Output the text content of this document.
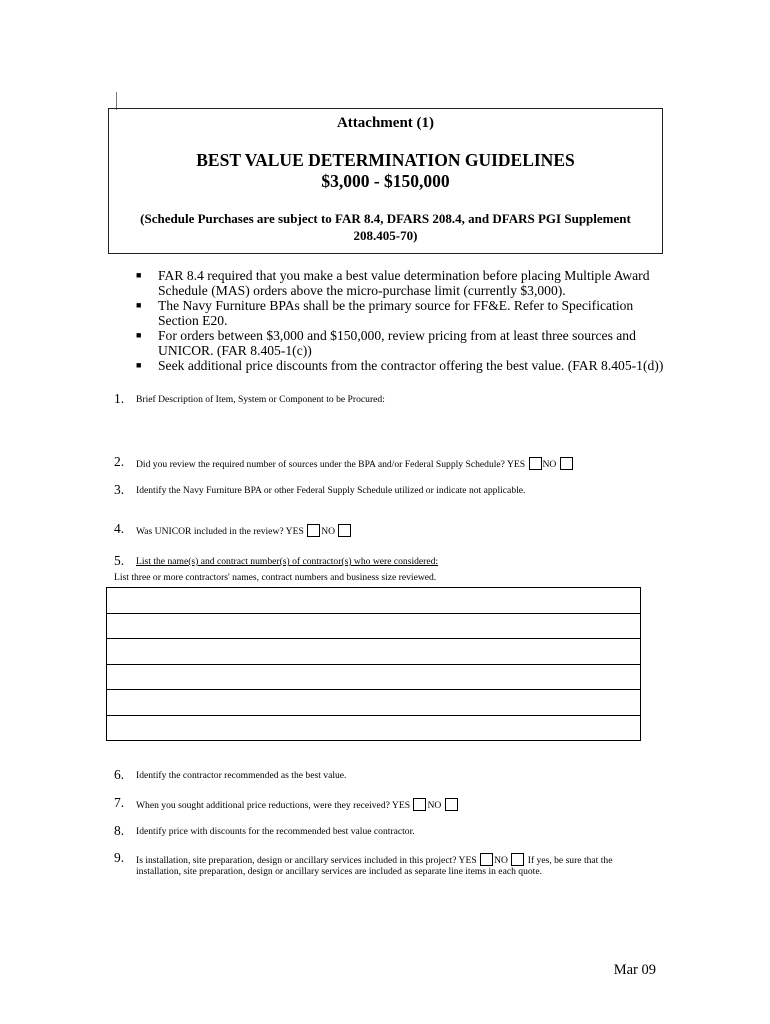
Attachment (1)
BEST VALUE DETERMINATION GUIDELINES
$3,000 - $150,000
(Schedule Purchases are subject to FAR 8.4, DFARS 208.4, and DFARS PGI Supplement 208.405-70)
■ FAR 8.4 required that you make a best value determination before placing Multiple Award Schedule (MAS) orders above the micro-purchase limit (currently $3,000).
■ The Navy Furniture BPAs shall be the primary source for FF&E. Refer to Specification Section E20.
■ For orders between $3,000 and $150,000, review pricing from at least three sources and UNICOR. (FAR 8.405-1(c))
■ Seek additional price discounts from the contractor offering the best value. (FAR 8.405-1(d))
1. Brief Description of Item, System or Component to be Procured:
2. Did you review the required number of sources under the BPA and/or Federal Supply Schedule? YES NO
3. Identify the Navy Furniture BPA or other Federal Supply Schedule utilized or indicate not applicable.
4. Was UNICOR included in the review? YES NO
5. List the name(s) and contract number(s) of contractor(s) who were considered:
List three or more contractors' names, contract numbers and business size reviewed.
6. Identify the contractor recommended as the best value.
7. When you sought additional price reductions, were they received? YES NO
8. Identify price with discounts for the recommended best value contractor.
9. Is installation, site preparation, design or ancillary services included in this project? YES NO If yes, be sure that the
installation, site preparation, design or ancillary services are included as separate line items in each quote.
Mar 09
